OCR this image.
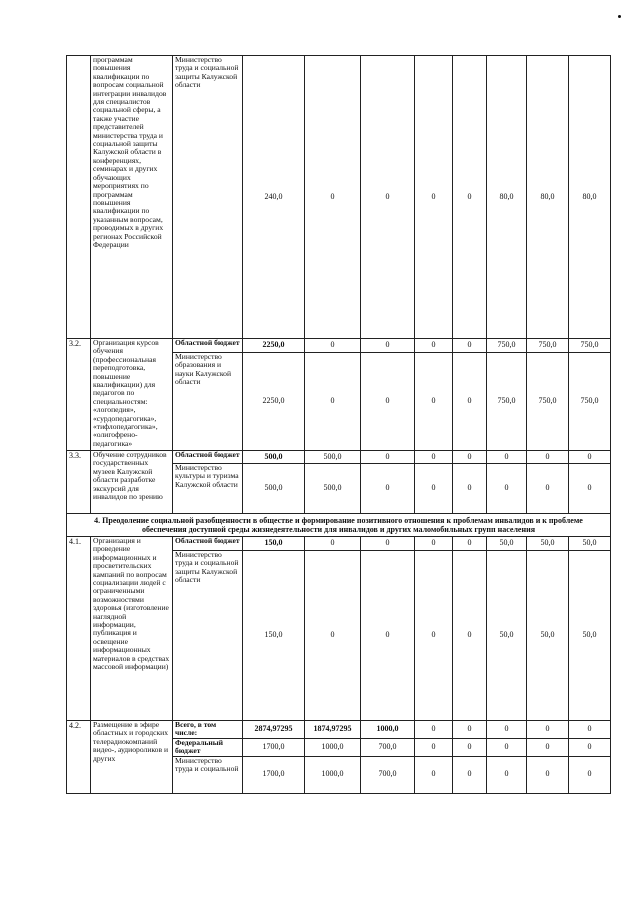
	программам повышения квалификации по вопросам социальной интеграции инвалидов для специалистов социальной сферы, а также участие представителей министерства труда и социальной защиты Калужской области в конференциях, семинарах и других обучающих мероприятиях по программам повышения квалификации по указанным вопросам, проводимых в других регионах Российской Федерации	Министерство труда и социальной защиты Калужской области	240,0	0	0	0	0	80,0	80,0	80,0
3.2.	Организация курсов обучения (профессиональная переподготовка, повышение квалификации) для педагогов по специальностям: «логопедия», «сурдопедагогика», «тифлопедагогика», «олигофрено-педагогика»	Областной бюджет	2250,0	0	0	0	0	750,0	750,0	750,0
		Министерство образования и науки Калужской области	2250,0	0	0	0	0	750,0	750,0	750,0
3.3.	Обучение сотрудников государственных музеев Калужской области разработке экскурсий для инвалидов по зрению	Областной бюджет	500,0	500,0	0	0	0	0	0	0
		Министерство культуры и туризма Калужской области	500,0	500,0	0	0	0	0	0	0
4. Преодоление социальной разобщенности в обществе и формирование позитивного отношения к проблемам инвалидов и к проблеме обеспечения доступной среды жизнедеятельности для инвалидов и других маломобильных групп населения										
4.1.	Организация и проведение информационных и просветительских кампаний по вопросам социализации людей с ограниченными возможностями здоровья (изготовление наглядной информации, публикация и освещение информационных материалов в средствах массовой информации)	Областной бюджет	150,0	0	0	0	0	50,0	50,0	50,0
		Министерство труда и социальной защиты Калужской области	150,0	0	0	0	0	50,0	50,0	50,0
4.2.	Размещение в эфире областных и городских телерадиокомпаний видео-, аудиороликов и других	Всего, в том числе:	2874,97295	1874,97295	1000,0	0	0	0	0	0
		Федеральный бюджет	1700,0	1000,0	700,0	0	0	0	0	0
		Министерство труда и социальной	1700,0	1000,0	700,0	0	0	0	0	0
